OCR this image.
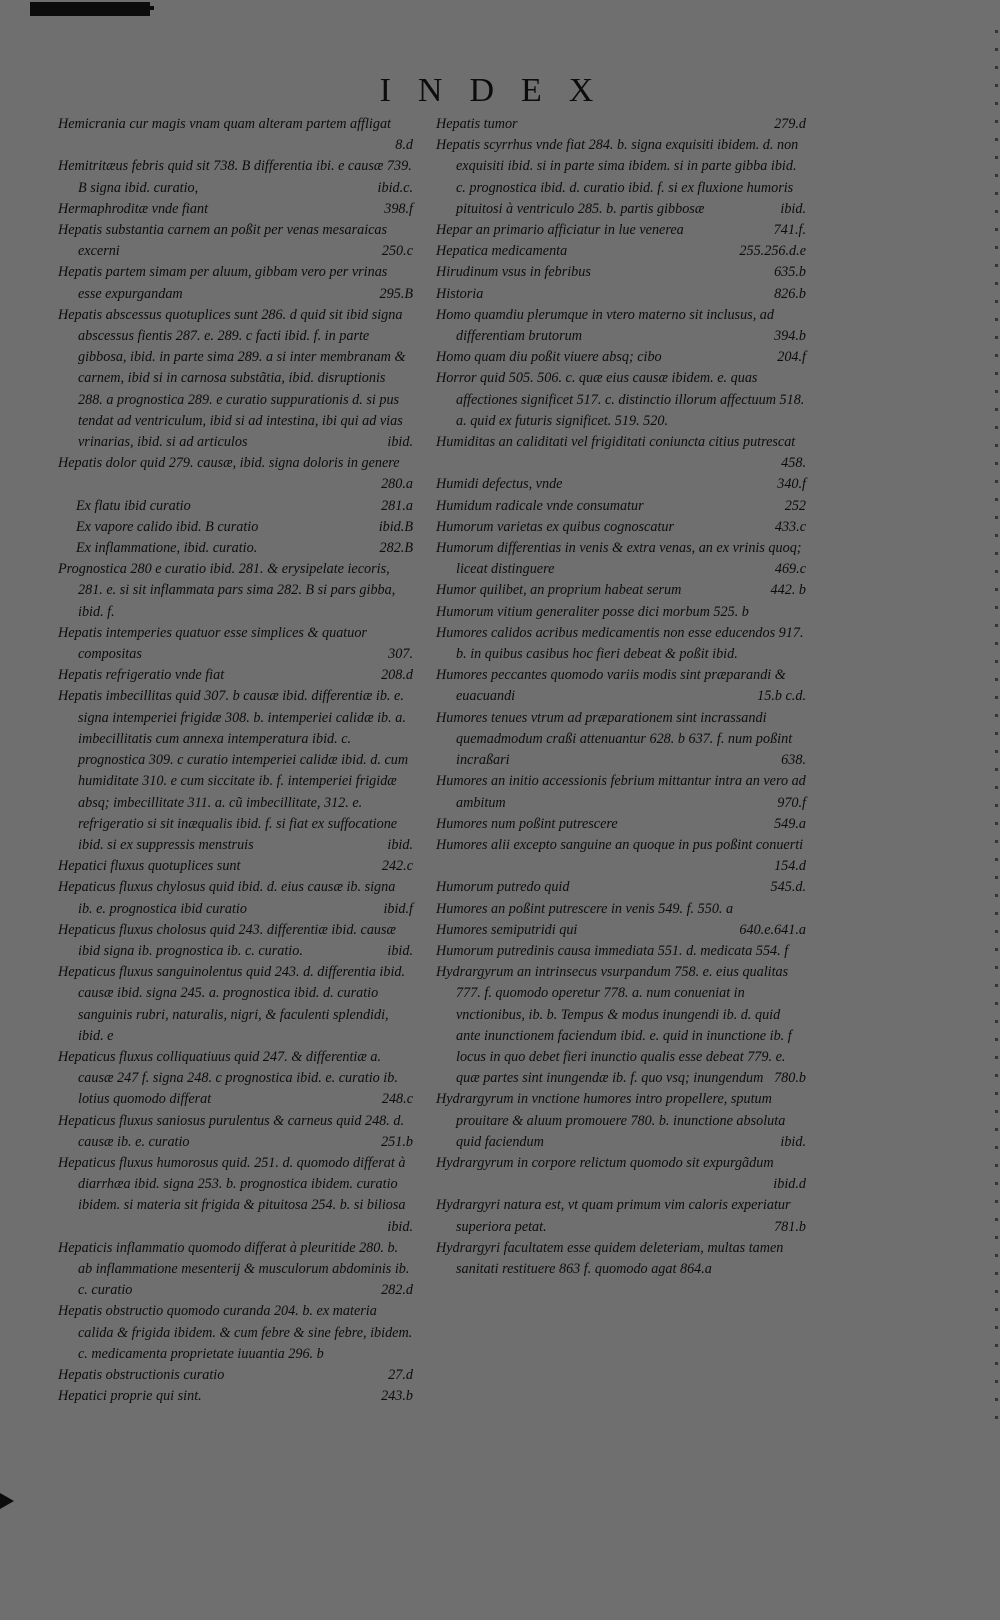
INDEX
Hemicrania cur magis vnam quam alteram partem affligat
8.d
Hemitritæus febris quid sit 738. B differentia ibi. e causæ 739. B signa ibid. curatio,	ibid.c.
Hermaphroditæ vnde fiant	398.f
Hepatis substantia carnem an poßit per venas mesaraicas excerni	250.c
Hepatis partem simam per aluum, gibbam vero per vrinas esse expurgandam	295.B
Hepatis abscessus quotuplices sunt 286. d quid sit ibid signa abscessus fientis 287. e. 289. c facti ibid. f. in parte gibbosa, ibid. in parte sima 289. a si inter membranam & carnem, ibid si in carnosa substãtia, ibid. disruptionis 288. a prognostica 289. e curatio suppurationis d. si pus tendat ad ventriculum, ibid si ad intestina, ibi qui ad vias vrinarias, ibid. si ad articulos	ibid.
Hepatis dolor quid 279. causæ, ibid. signa doloris in genere
280.a
Ex flatu ibid curatio	281.a
Ex vapore calido ibid. B curatio	ibid.B
Ex inflammatione, ibid. curatio.	282.B
Prognostica 280 e curatio ibid. 281. & erysipelate iecoris, 281. e. si sit inflammata pars sima 282. B si pars gibba, ibid. f.
Hepatis intemperies quatuor esse simplices & quatuor compositas	307.
Hepatis refrigeratio vnde fiat	208.d
Hepatis imbecillitas quid 307. b causæ ibid. differentiæ ib. e. signa intemperiei frigidæ 308. b. intemperiei calidæ ib. a. imbecillitatis cum annexa intemperatura ibid. c. prognostica 309. c curatio intemperiei calidæ ibid. d. cum humiditate 310. e cum siccitate ib. f. intemperiei frigidæ absq; imbecillitate 311. a. cũ imbecillitate, 312. e. refrigeratio si sit inæqualis ibid. f. si fiat ex suffocatione ibid. si ex suppressis menstruis	ibid.
Hepatici fluxus quotuplices sunt	242.c
Hepaticus fluxus chylosus quid ibid. d. eius causæ ib. signa ib. e. prognostica ibid curatio	ibid.f
Hepaticus fluxus cholosus quid 243. differentiæ ibid. causæ ibid signa ib. prognostica ib. c. curatio.	ibid.
Hepaticus fluxus sanguinolentus quid 243. d. differentia ibid. causæ ibid. signa 245. a. prognostica ibid. d. curatio sanguinis rubri, naturalis, nigri, & faculenti splendidi, ibid. e
Hepaticus fluxus colliquatiuus quid 247. & differentiæ a. causæ 247 f. signa 248. c prognostica ibid. e. curatio ib. lotius quomodo differat	248.c
Hepaticus fluxus saniosus purulentus & carneus quid 248. d. causæ ib. e. curatio	251.b
Hepaticus fluxus humorosus quid. 251. d. quomodo differat à diarrhæa ibid. signa 253. b. prognostica ibidem. curatio ibidem. si materia sit frigida & pituitosa 254. b. si biliosa
ibid.
Hepaticis inflammatio quomodo differat à pleuritide 280. b. ab inflammatione mesenterij & musculorum abdominis ib. c. curatio	282.d
Hepatis obstructio quomodo curanda 204. b. ex materia calida & frigida ibidem. & cum febre & sine febre, ibidem. c. medicamenta proprietate iuuantia 296. b
Hepatis obstructionis curatio	27.d
Hepatici proprie qui sint.	243.b
Hepatis tumor	279.d
Hepatis scyrrhus vnde fiat 284. b. signa exquisiti ibidem. d. non exquisiti ibid. si in parte sima ibidem. si in parte gibba ibid. c. prognostica ibid. d. curatio ibid. f. si ex fluxione humoris pituitosi à ventriculo 285. b. partis gibbosæ	ibid.
Hepar an primario afficiatur in lue venerea	741.f.
Hepatica medicamenta	255.256.d.e
Hirudinum vsus in febribus	635.b
Historia	826.b
Homo quamdiu plerumque in vtero materno sit inclusus, ad differentiam brutorum	394.b
Homo quam diu poßit viuere absq; cibo	204.f
Horror quid 505. 506. c. quæ eius causæ ibidem. e. quas affectiones significet 517. c. distinctio illorum affectuum 518. a. quid ex futuris significet. 519. 520.
Humiditas an caliditati vel frigiditati coniuncta citius putrescat
458.
Humidi defectus, vnde	340.f
Humidum radicale vnde consumatur	252
Humorum varietas ex quibus cognoscatur	433.c
Humorum differentias in venis & extra venas, an ex vrinis quoq; liceat distinguere	469.c
Humor quilibet, an proprium habeat serum	442. b
Humorum vitium generaliter posse dici morbum 525. b
Humores calidos acribus medicamentis non esse educendos 917. b. in quibus casibus hoc fieri debeat & poßit ibid.
Humores peccantes quomodo variis modis sint præparandi & euacuandi	15.b c.d.
Humores tenues vtrum ad præparationem sint incrassandi quemadmodum craßi attenuantur 628. b 637. f. num poßint incraßari	638.
Humores an initio accessionis febrium mittantur intra an vero ad ambitum	970.f
Humores num poßint putrescere	549.a
Humores alii excepto sanguine an quoque in pus poßint conuerti
154.d
Humorum putredo quid	545.d.
Humores an poßint putrescere in venis 549. f. 550. a
Humores semiputridi qui	640.e.641.a
Humorum putredinis causa immediata 551. d. medicata 554. f
Hydrargyrum an intrinsecus vsurpandum 758. e. eius qualitas 777. f. quomodo operetur 778. a. num conueniat in vnctionibus, ib. b. Tempus & modus inungendi ib. d. quid ante inunctionem faciendum ibid. e. quid in inunctione ib. f locus in quo debet fieri inunctio qualis esse debeat 779. e. quæ partes sint inungendæ ib. f. quo vsq; inungendum 780.b
Hydrargyrum in vnctione humores intro propellere, sputum prouitare & aluum promouere 780. b. inunctione absoluta quid faciendum	ibid.
Hydrargyrum in corpore relictum quomodo sit expurgãdum
ibid.d
Hydrargyri natura est, vt quam primum vim caloris experiatur superiora petat.	781.b
Hydrargyri facultatem esse quidem deleteriam, multas tamen sanitati restituere 863 f. quomodo agat 864.a
